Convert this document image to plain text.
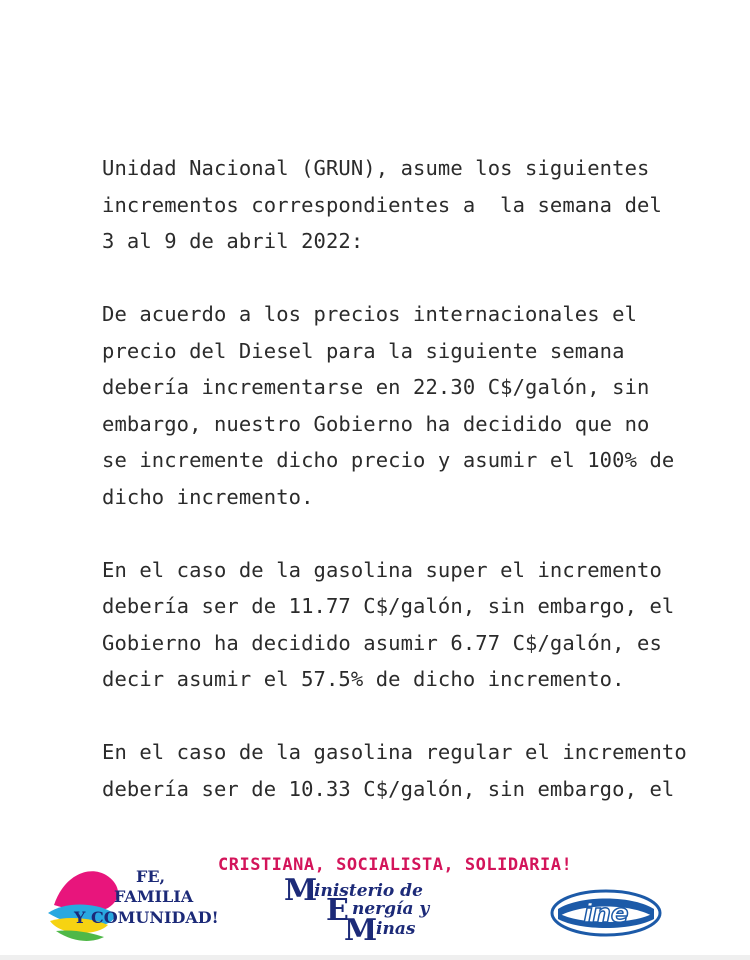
Unidad Nacional (GRUN), asume los siguientes
incrementos correspondientes a  la semana del
3 al 9 de abril 2022:

De acuerdo a los precios internacionales el
precio del Diesel para la siguiente semana
debería incrementarse en 22.30 C$/galón, sin
embargo, nuestro Gobierno ha decidido que no
se incremente dicho precio y asumir el 100% de
dicho incremento.

En el caso de la gasolina super el incremento
debería ser de 11.77 C$/galón, sin embargo, el
Gobierno ha decidido asumir 6.77 C$/galón, es
decir asumir el 57.5% de dicho incremento.

En el caso de la gasolina regular el incremento
debería ser de 10.33 C$/galón, sin embargo, el

FE,
FAMILIA
Y COMUNIDAD!
CRISTIANA, SOCIALISTA, SOLIDARIA!
M
inisterio de
E nergía y
M
inas	ine
